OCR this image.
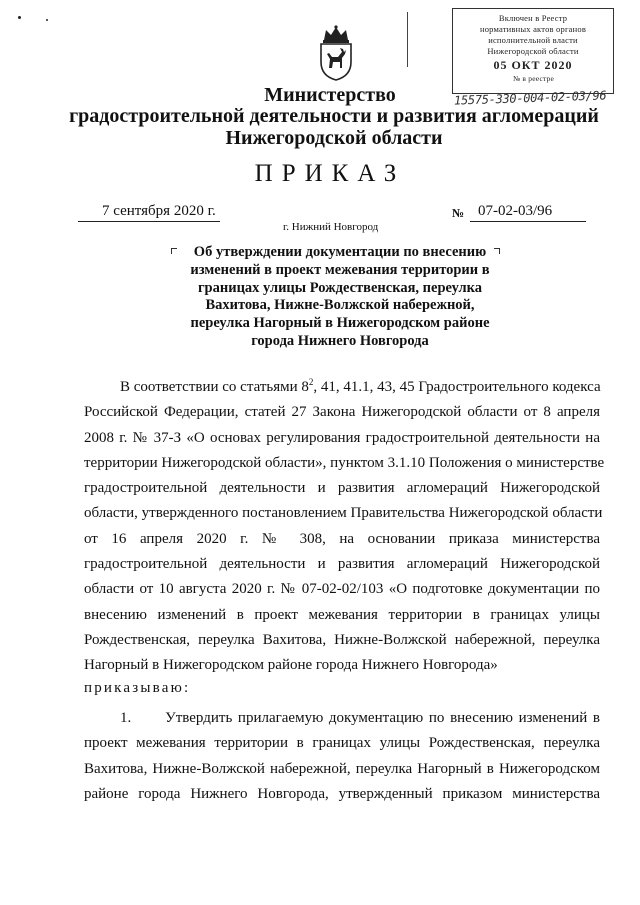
Включен в Реестр
нормативных актов органов
исполнительной власти
Нижегородской области
05 ОКТ 2020
№ в реестре
15575-330-004-02-03/96
Министерство
градостроительной деятельности и развития агломераций
Нижегородской области
ПРИКАЗ
7 сентября 2020 г.	№ 07-02-03/96
г. Нижний Новгород
Об утверждении документации по внесению
изменений в проект межевания территории в
границах улицы Рождественская, переулка
Вахитова, Нижне-Волжской набережной,
переулка Нагорный в Нижегородском районе
города Нижнего Новгорода
В соответствии со статьями $8^2$, 41, 41.1, 43, 45 Градостроительного кодекса
Российской Федерации, статей 27 Закона Нижегородской области от 8 апреля
2008 г. № 37-З «О основах регулирования градостроительной деятельности на
территории Нижегородской области», пунктом 3.1.10 Положения о министерстве
градостроительной деятельности и развития агломераций Нижегородской
области, утвержденного постановлением Правительства Нижегородской области
от 16 апреля 2020 г. № 308, на основании приказа министерства
градостроительной деятельности и развития агломераций Нижегородской
области от 10 августа 2020 г. № 07-02-02/103 «О подготовке документации по
внесению изменений в проект межевания территории в границах улицы
Рождественская, переулка Вахитова, Нижне-Волжской набережной, переулка
Нагорный в Нижегородском районе города Нижнего Новгорода»
приказываю:
1.      Утвердить прилагаемую документацию по внесению изменений в
проект межевания территории в границах улицы Рождественская, переулка
Вахитова, Нижне-Волжской набережной, переулка Нагорный в Нижегородском
районе города Нижнего Новгорода, утвержденный приказом министерства
